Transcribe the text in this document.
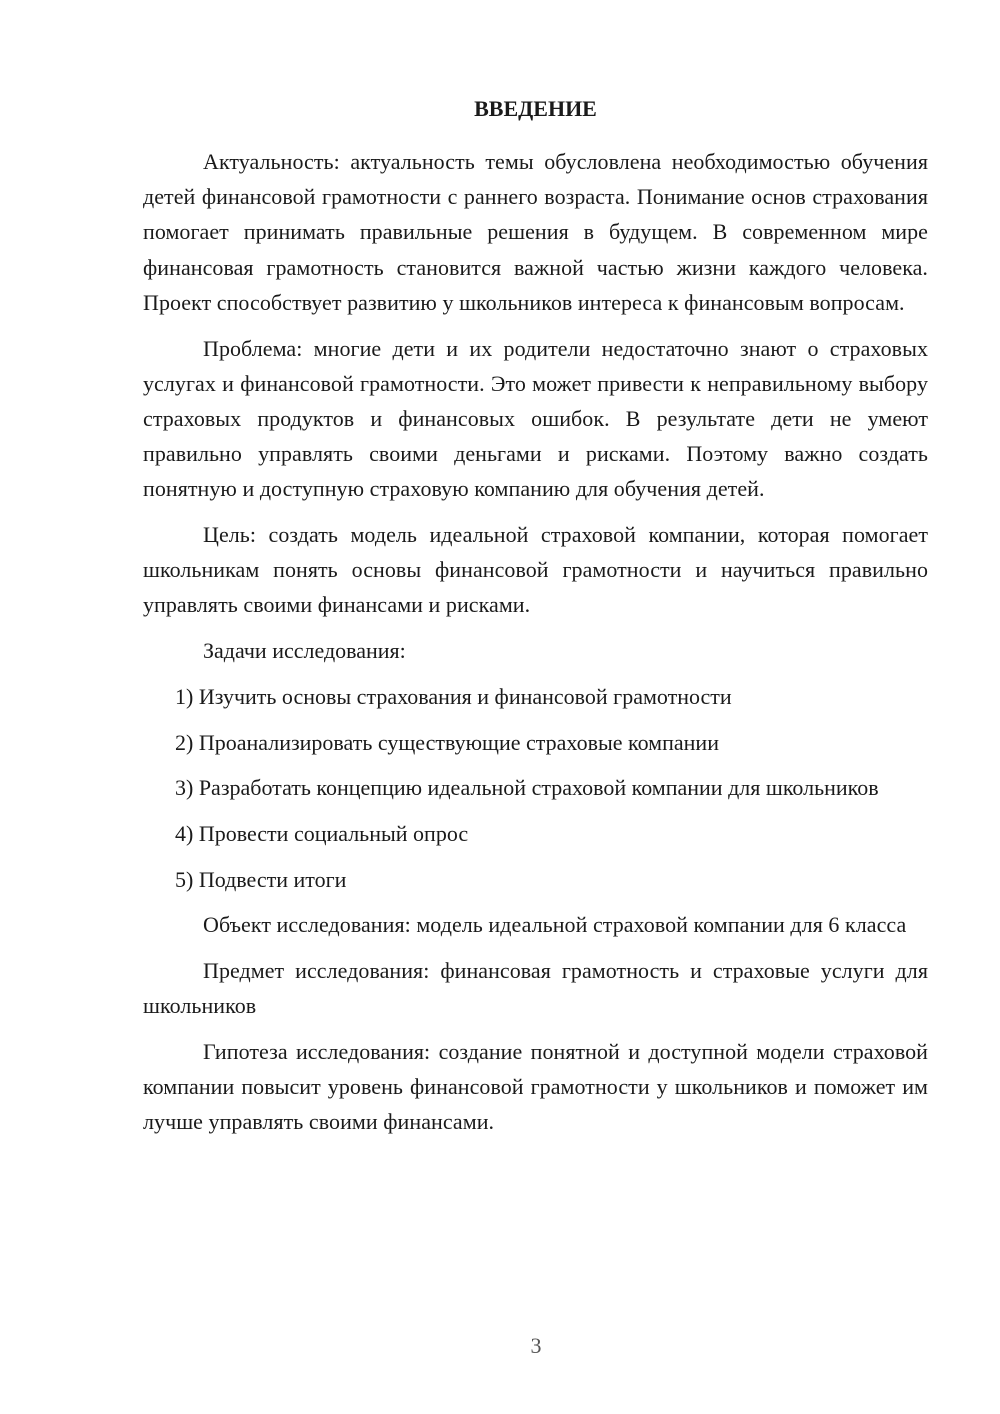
ВВЕДЕНИЕ

Актуальность: актуальность темы обусловлена необходимостью обучения детей финансовой грамотности с раннего возраста. Понимание основ страхования помогает принимать правильные решения в будущем. В современном мире финансовая грамотность становится важной частью жизни каждого человека. Проект способствует развитию у школьников интереса к финансовым вопросам.

Проблема: многие дети и их родители недостаточно знают о страховых услугах и финансовой грамотности. Это может привести к неправильному выбору страховых продуктов и финансовых ошибок. В результате дети не умеют правильно управлять своими деньгами и рисками. Поэтому важно создать понятную и доступную страховую компанию для обучения детей.

Цель: создать модель идеальной страховой компании, которая помогает школьникам понять основы финансовой грамотности и научиться правильно управлять своими финансами и рисками.

Задачи исследования:

1) Изучить основы страхования и финансовой грамотности

2) Проанализировать существующие страховые компании

3) Разработать концепцию идеальной страховой компании для школьников

4) Провести социальный опрос

5) Подвести итоги

Объект исследования: модель идеальной страховой компании для 6 класса

Предмет исследования: финансовая грамотность и страховые услуги для школьников

Гипотеза исследования: создание понятной и доступной модели страховой компании повысит уровень финансовой грамотности у школьников и поможет им лучше управлять своими финансами.

3
